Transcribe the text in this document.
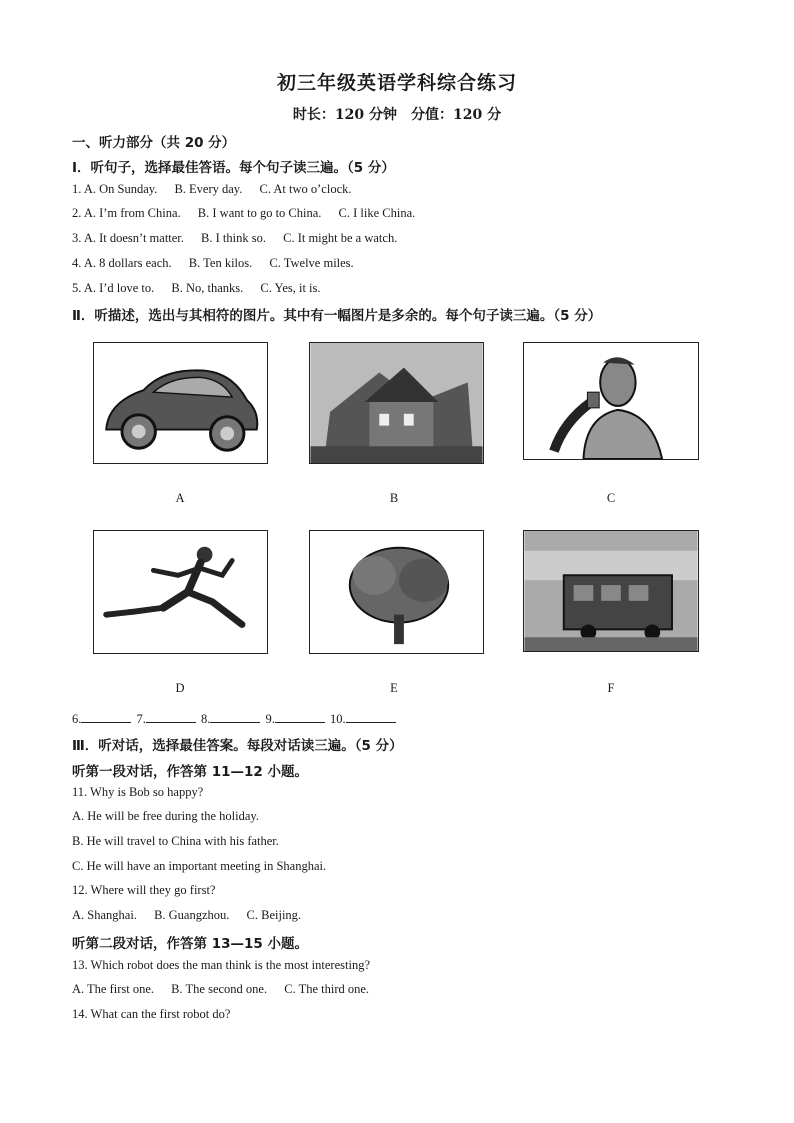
初三年级英语学科综合练习
时长：120 分钟　分值：120 分
一、听力部分（共 20 分）
Ⅰ．听句子，选择最佳答语。每个句子读三遍。（5 分）
1. A. On Sunday. B. Every day. C. At two o’clock.
2. A. I’m from China. B. I want to go to China. C. I like China.
3. A. It doesn’t matter. B. I think so. C. It might be a watch.
4. A. 8 dollars each. B. Ten kilos. C. Twelve miles.
5. A. I’d love to. B. No, thanks. C. Yes, it is.
Ⅱ．听描述，选出与其相符的图片。其中有一幅图片是多余的。每个句子读三遍。（5 分）
A	B	C
D	E	F
6.	7.	8.	9.	10.
Ⅲ．听对话，选择最佳答案。每段对话读三遍。（5 分）
听第一段对话，作答第 11—12 小题。
11. Why is Bob so happy?
A. He will be free during the holiday.
B. He will travel to China with his father.
C. He will have an important meeting in Shanghai.
12. Where will they go first?
A. Shanghai. B. Guangzhou. C. Beijing.
听第二段对话，作答第 13—15 小题。
13. Which robot does the man think is the most interesting?
A. The first one. B. The second one. C. The third one.
14. What can the first robot do?
